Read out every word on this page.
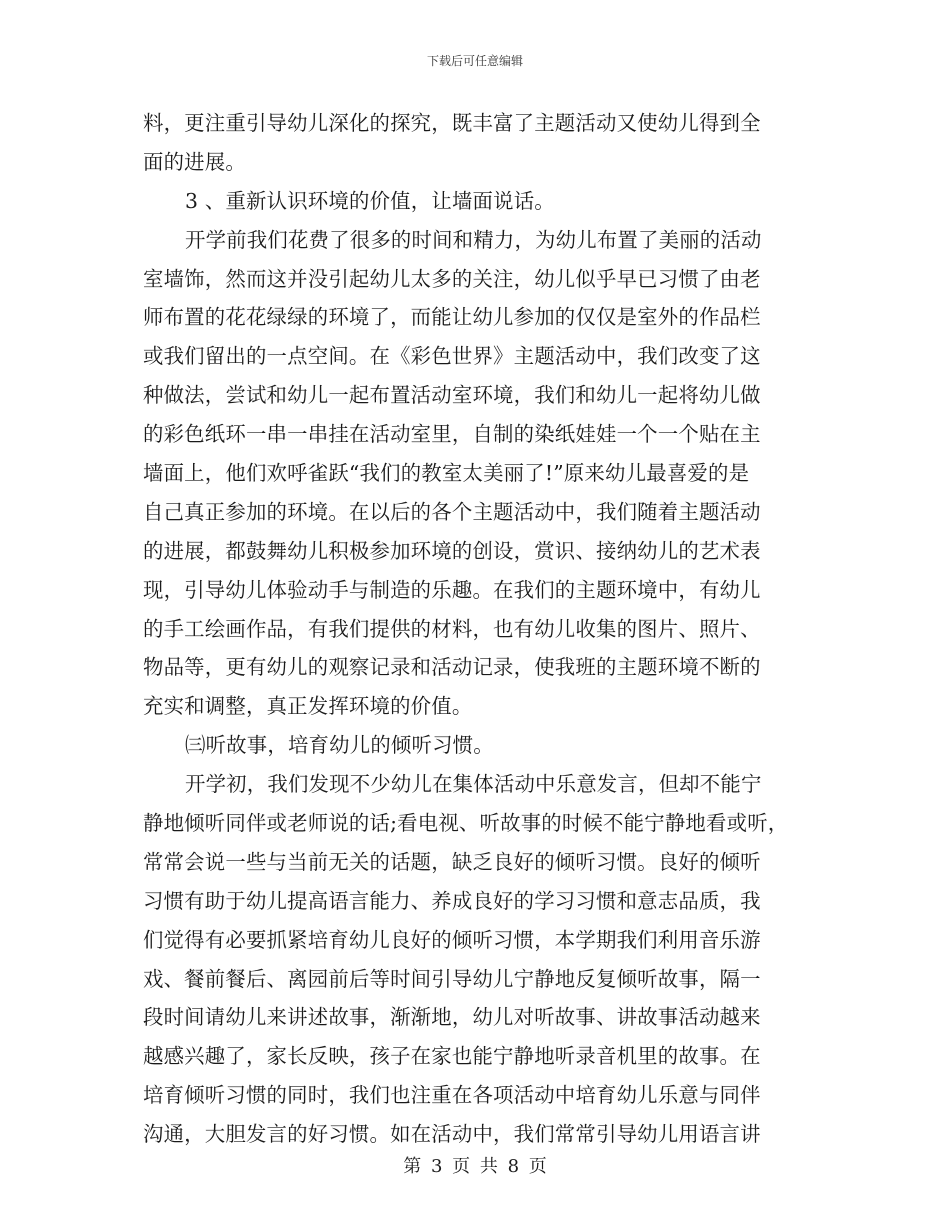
下载后可任意编辑
料，更注重引导幼儿深化的探究，既丰富了主题活动又使幼儿得到全
面的进展。
3 、重新认识环境的价值，让墙面说话。
开学前我们花费了很多的时间和精力，为幼儿布置了美丽的活动
室墙饰，然而这并没引起幼儿太多的关注，幼儿似乎早已习惯了由老
师布置的花花绿绿的环境了，而能让幼儿参加的仅仅是室外的作品栏
或我们留出的一点空间。在《彩色世界》主题活动中，我们改变了这
种做法，尝试和幼儿一起布置活动室环境，我们和幼儿一起将幼儿做
的彩色纸环一串一串挂在活动室里，自制的染纸娃娃一个一个贴在主
墙面上，他们欢呼雀跃“我们的教室太美丽了!”原来幼儿最喜爱的是
自己真正参加的环境。在以后的各个主题活动中，我们随着主题活动
的进展，都鼓舞幼儿积极参加环境的创设，赏识、接纳幼儿的艺术表
现，引导幼儿体验动手与制造的乐趣。在我们的主题环境中，有幼儿
的手工绘画作品，有我们提供的材料，也有幼儿收集的图片、照片、
物品等，更有幼儿的观察记录和活动记录，使我班的主题环境不断的
充实和调整，真正发挥环境的价值。
㈢听故事，培育幼儿的倾听习惯。
开学初，我们发现不少幼儿在集体活动中乐意发言，但却不能宁
静地倾听同伴或老师说的话;看电视、听故事的时候不能宁静地看或听，
常常会说一些与当前无关的话题，缺乏良好的倾听习惯。良好的倾听
习惯有助于幼儿提高语言能力、养成良好的学习习惯和意志品质，我
们觉得有必要抓紧培育幼儿良好的倾听习惯，本学期我们利用音乐游
戏、餐前餐后、离园前后等时间引导幼儿宁静地反复倾听故事，隔一
段时间请幼儿来讲述故事，渐渐地，幼儿对听故事、讲故事活动越来
越感兴趣了，家长反映，孩子在家也能宁静地听录音机里的故事。在
培育倾听习惯的同时，我们也注重在各项活动中培育幼儿乐意与同伴
沟通，大胆发言的好习惯。如在活动中，我们常常引导幼儿用语言讲
第 3 页 共 8 页
